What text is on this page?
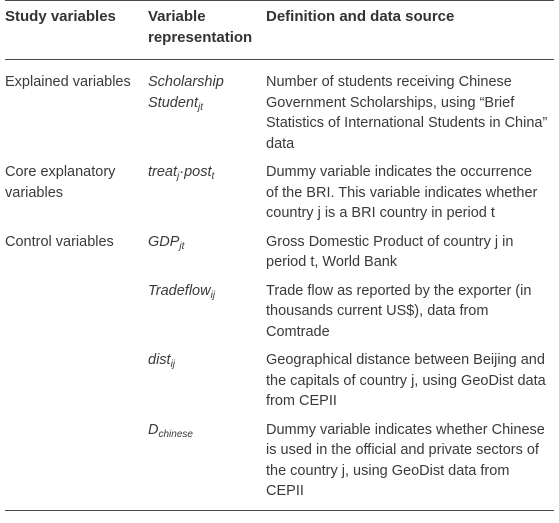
Study variables	Variable representation	Definition and data source
Explained variables	Scholarship Student$_{jt}$	Number of students receiving Chinese Government Scholarships, using “Brief Statistics of International Students in China” data
Core explanatory variables	treat$_j$·post$_t$	Dummy variable indicates the occurrence of the BRI. This variable indicates whether country j is a BRI country in period t
Control variables	$GDP_{jt}$	Gross Domestic Product of country j in period t, World Bank
	Tradeflow$_{ij}$	Trade flow as reported by the exporter (in thousands current US$), data from Comtrade
	dist$_{ij}$	Geographical distance between Beijing and the capitals of country j, using GeoDist data from CEPII
	$D_{chinese}$	Dummy variable indicates whether Chinese is used in the official and private sectors of the country j, using GeoDist data from CEPII
